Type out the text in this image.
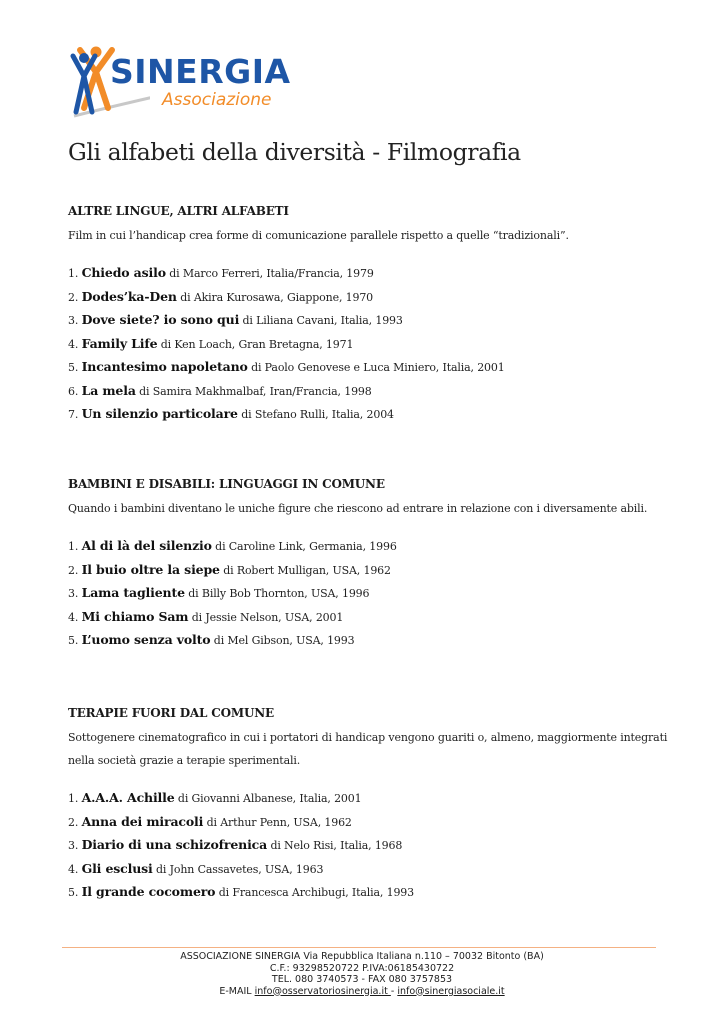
SINERGIA
Associazione
Gli alfabeti della diversità - Filmografia
ALTRE LINGUE, ALTRI ALFABETI
Film in cui l’handicap crea forme di comunicazione parallele rispetto a quelle “tradizionali”.
1. Chiedo asilo di Marco Ferreri, Italia/Francia, 1979
2. Dodes’ka-Den di Akira Kurosawa, Giappone, 1970
3. Dove siete? io sono qui di Liliana Cavani, Italia, 1993
4. Family Life di Ken Loach, Gran Bretagna, 1971
5. Incantesimo napoletano di Paolo Genovese e Luca Miniero, Italia, 2001
6. La mela di Samira Makhmalbaf, Iran/Francia, 1998
7. Un silenzio particolare di Stefano Rulli, Italia, 2004
BAMBINI E DISABILI: LINGUAGGI IN COMUNE
Quando i bambini diventano le uniche figure che riescono ad entrare in relazione con i diversamente abili.
1. Al di là del silenzio di Caroline Link, Germania, 1996
2. Il buio oltre la siepe di Robert Mulligan, USA, 1962
3. Lama tagliente di Billy Bob Thornton, USA, 1996
4. Mi chiamo Sam di Jessie Nelson, USA, 2001
5. L’uomo senza volto di Mel Gibson, USA, 1993
TERAPIE FUORI DAL COMUNE
Sottogenere cinematografico in cui i portatori di handicap vengono guariti o, almeno, maggiormente integrati nella società grazie a terapie sperimentali.
1. A.A.A. Achille di Giovanni Albanese, Italia, 2001
2. Anna dei miracoli di Arthur Penn, USA, 1962
3. Diario di una schizofrenica di Nelo Risi, Italia, 1968
4. Gli esclusi di John Cassavetes, USA, 1963
5. Il grande cocomero di Francesca Archibugi, Italia, 1993
ASSOCIAZIONE SINERGIA Via Repubblica Italiana n.110 – 70032 Bitonto (BA)
C.F.: 93298520722 P.IVA:06185430722
TEL. 080 3740573 - FAX 080 3757853
E-MAIL info@osservatoriosinergia.it - info@sinergiasociale.it
